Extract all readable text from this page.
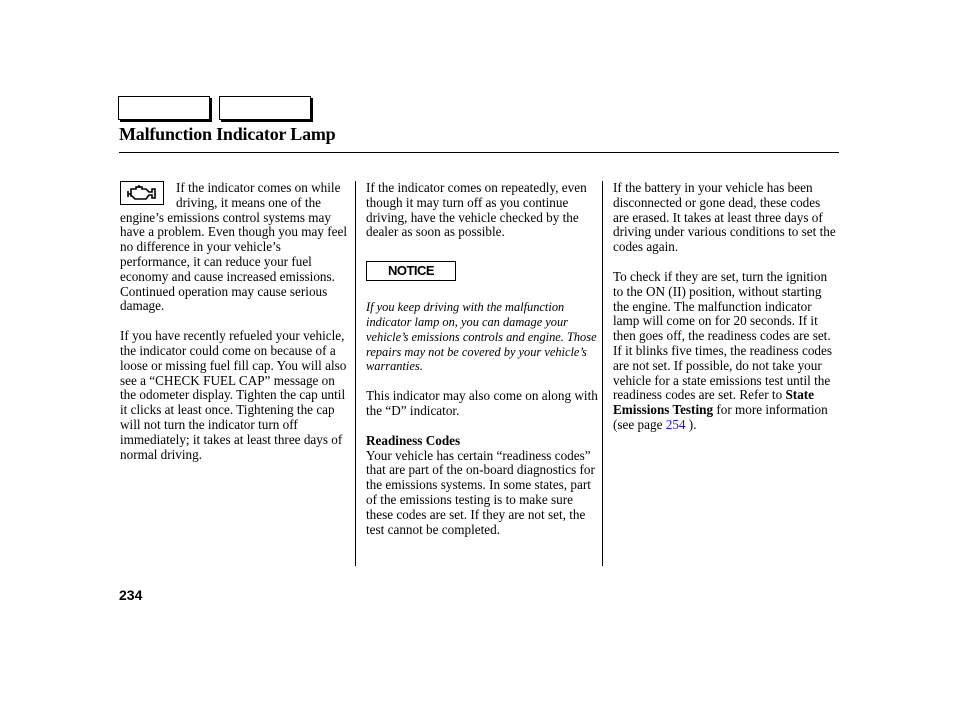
Malfunction Indicator Lamp

If the indicator comes on while driving, it means one of the engine’s emissions control systems may have a problem. Even though you may feel no difference in your vehicle’s performance, it can reduce your fuel economy and cause increased emissions. Continued operation may cause serious damage.

If you have recently refueled your vehicle, the indicator could come on because of a loose or missing fuel fill cap. You will also see a “CHECK FUEL CAP” message on the odometer display. Tighten the cap until it clicks at least once. Tightening the cap will not turn the indicator turn off immediately; it takes at least three days of normal driving.

If the indicator comes on repeatedly, even though it may turn off as you continue driving, have the vehicle checked by the dealer as soon as possible.

NOTICE

If you keep driving with the malfunction indicator lamp on, you can damage your vehicle’s emissions controls and engine. Those repairs may not be covered by your vehicle’s warranties.

This indicator may also come on along with the “D” indicator.

Readiness Codes

Your vehicle has certain “readiness codes” that are part of the on-board diagnostics for the emissions systems. In some states, part of the emissions testing is to make sure these codes are set. If they are not set, the test cannot be completed.

If the battery in your vehicle has been disconnected or gone dead, these codes are erased. It takes at least three days of driving under various conditions to set the codes again.

To check if they are set, turn the ignition to the ON (II) position, without starting the engine. The malfunction indicator lamp will come on for 20 seconds. If it then goes off, the readiness codes are set. If it blinks five times, the readiness codes are not set. If possible, do not take your vehicle for a state emissions test until the readiness codes are set. Refer to State Emissions Testing for more information (see page 254 ).

234
